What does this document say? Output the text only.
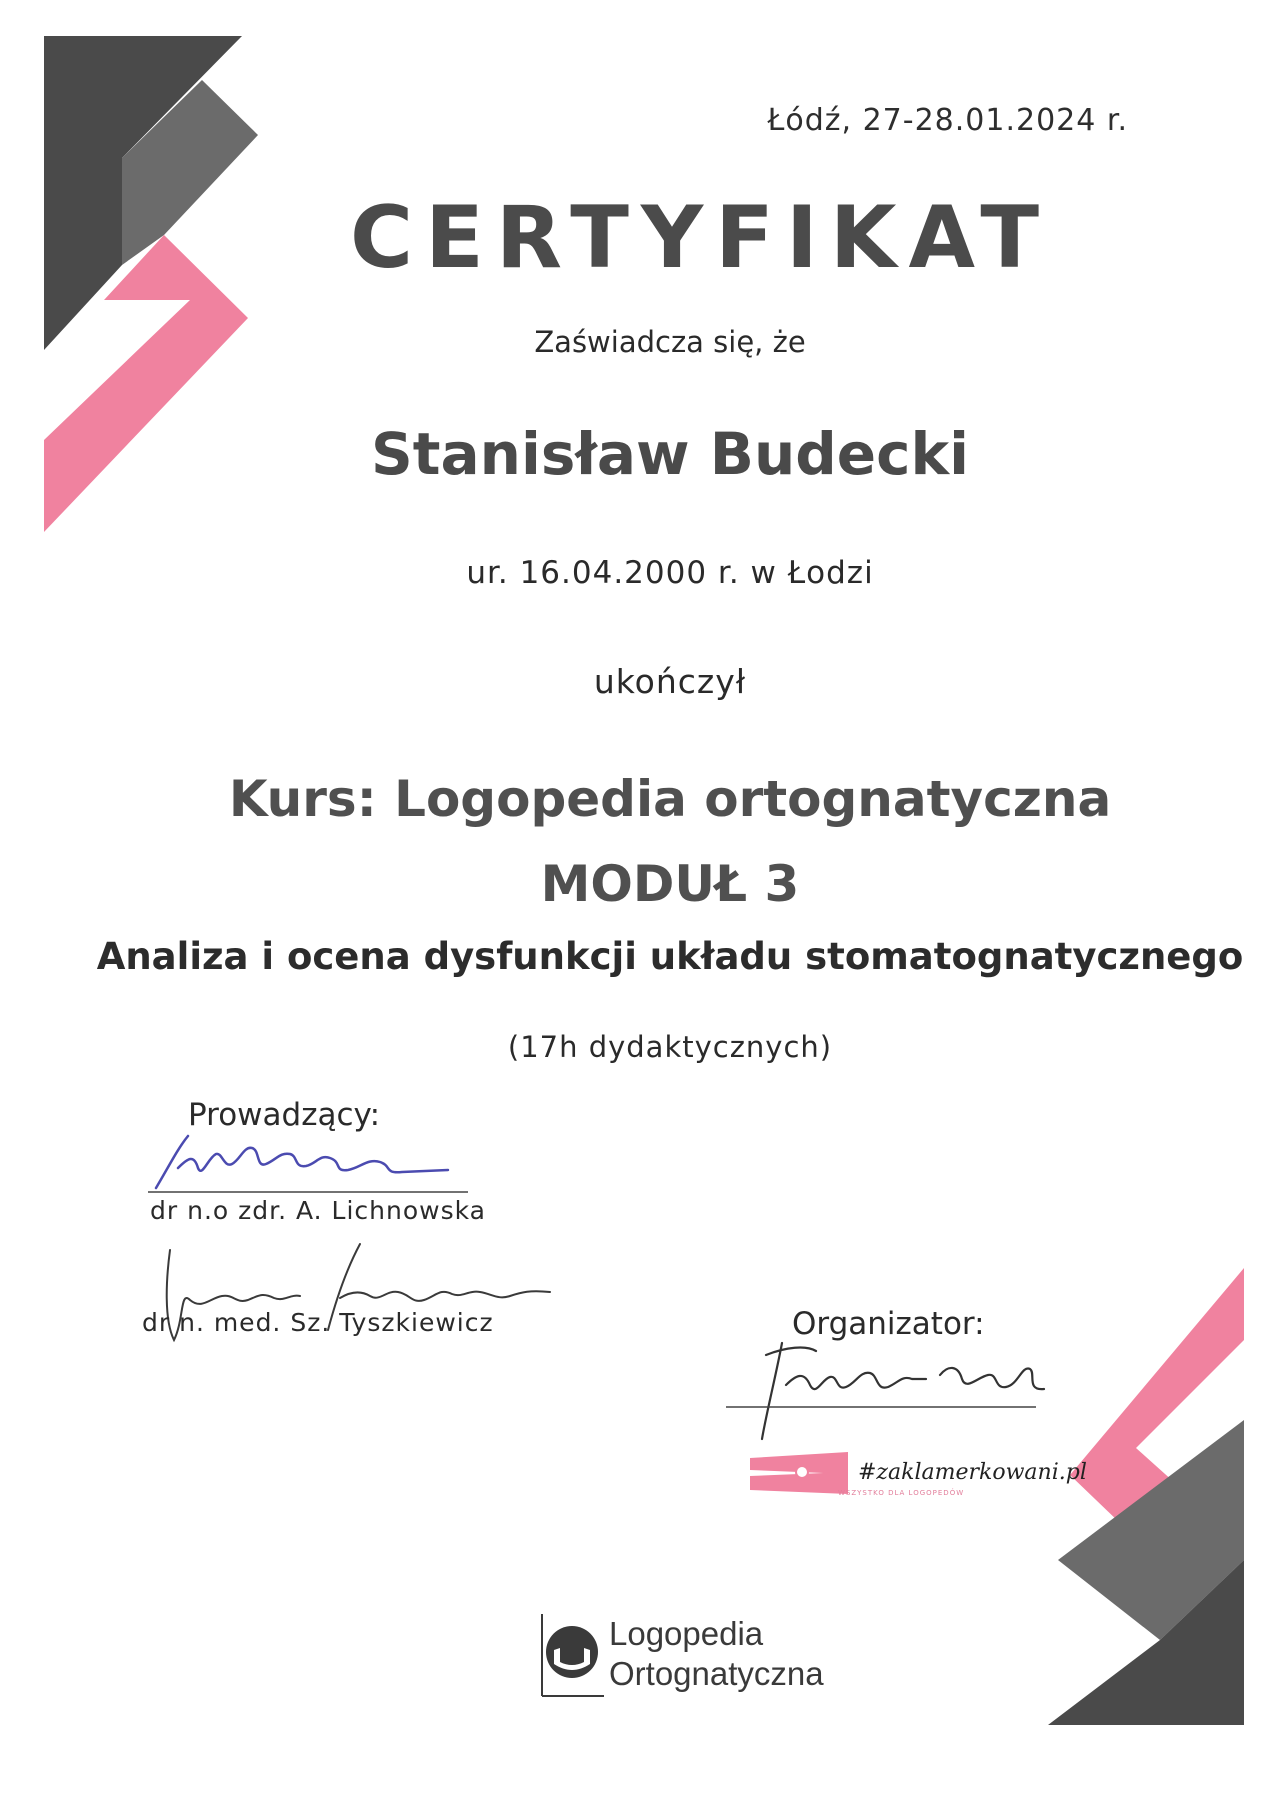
Łódź, 27-28.01.2024 r.
CERTYFIKAT
Zaświadcza się, że
Stanisław Budecki
ur. 16.04.2000 r. w Łodzi
ukończył
Kurs: Logopedia ortognatyczna
MODUŁ 3
Analiza i ocena dysfunkcji układu stomatognatycznego
(17h dydaktycznych)
Prowadzący:
dr n.o zdr. A. Lichnowska
dr n. med. Sz. Tyszkiewicz	Organizator:
#zaklamerkowani.pl
WSZYSTKO DLA LOGOPEDÓW
Logopedia
Ortognatyczna
